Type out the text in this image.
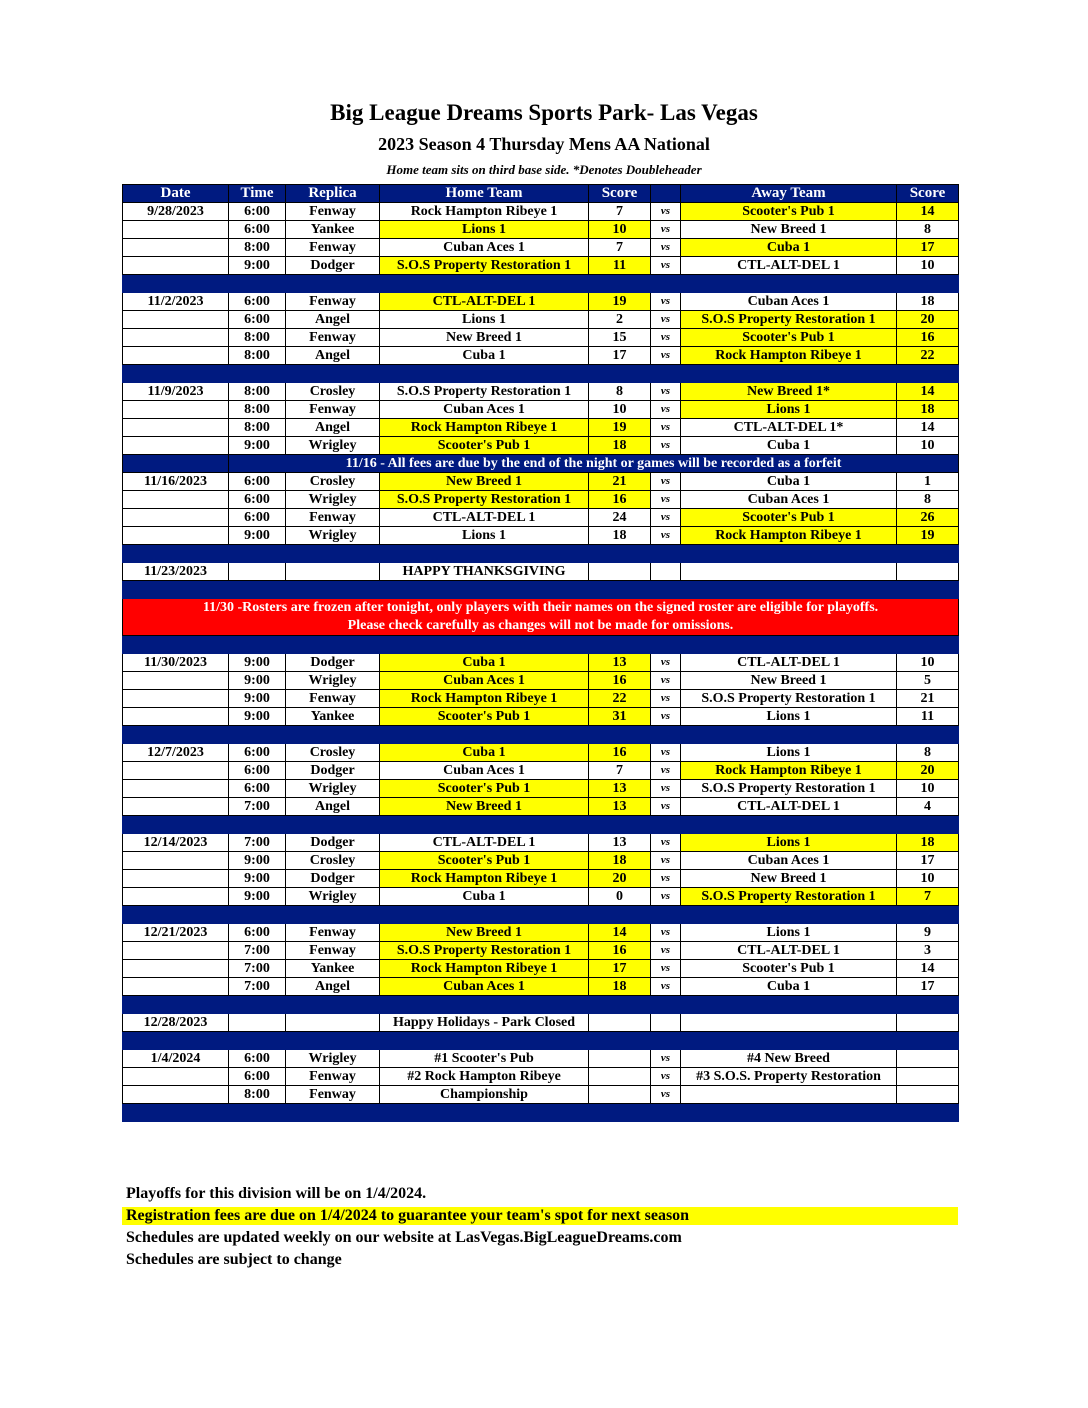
Big League Dreams Sports Park- Las Vegas
2023 Season 4 Thursday Mens AA National
Home team sits on third base side. *Denotes Doubleheader
Date	Time	Replica	Home Team	Score		Away Team	Score
9/28/2023	6:00	Fenway	Rock Hampton Ribeye 1	7	vs	Scooter's Pub 1	14
	6:00	Yankee	Lions 1	10	vs	New Breed 1	8
	8:00	Fenway	Cuban Aces 1	7	vs	Cuba 1	17
	9:00	Dodger	S.O.S Property Restoration 1	11	vs	CTL-ALT-DEL 1	10

11/2/2023	6:00	Fenway	CTL-ALT-DEL 1	19	vs	Cuban Aces 1	18
	6:00	Angel	Lions 1	2	vs	S.O.S Property Restoration 1	20
	8:00	Fenway	New Breed 1	15	vs	Scooter's Pub 1	16
	8:00	Angel	Cuba 1	17	vs	Rock Hampton Ribeye 1	22

11/9/2023	8:00	Crosley	S.O.S Property Restoration 1	8	vs	New Breed 1*	14
	8:00	Fenway	Cuban Aces 1	10	vs	Lions 1	18
	8:00	Angel	Rock Hampton Ribeye 1	19	vs	CTL-ALT-DEL 1*	14
	9:00	Wrigley	Scooter's Pub 1	18	vs	Cuba 1	10
	11/16 - All fees are due by the end of the night or games will be recorded as a forfeit						
11/16/2023	6:00	Crosley	New Breed 1	21	vs	Cuba 1	1
	6:00	Wrigley	S.O.S Property Restoration 1	16	vs	Cuban Aces 1	8
	6:00	Fenway	CTL-ALT-DEL 1	24	vs	Scooter's Pub 1	26
	9:00	Wrigley	Lions 1	18	vs	Rock Hampton Ribeye 1	19

11/23/2023			HAPPY THANKSGIVING				

11/30 -Rosters are frozen after tonight, only players with their names on the signed roster are eligible for playoffs.
Please check carefully as changes will not be made for omissions.							

11/30/2023	9:00	Dodger	Cuba 1	13	vs	CTL-ALT-DEL 1	10
	9:00	Wrigley	Cuban Aces 1	16	vs	New Breed 1	5
	9:00	Fenway	Rock Hampton Ribeye 1	22	vs	S.O.S Property Restoration 1	21
	9:00	Yankee	Scooter's Pub 1	31	vs	Lions 1	11

12/7/2023	6:00	Crosley	Cuba 1	16	vs	Lions 1	8
	6:00	Dodger	Cuban Aces 1	7	vs	Rock Hampton Ribeye 1	20
	6:00	Wrigley	Scooter's Pub 1	13	vs	S.O.S Property Restoration 1	10
	7:00	Angel	New Breed 1	13	vs	CTL-ALT-DEL 1	4

12/14/2023	7:00	Dodger	CTL-ALT-DEL 1	13	vs	Lions 1	18
	9:00	Crosley	Scooter's Pub 1	18	vs	Cuban Aces 1	17
	9:00	Dodger	Rock Hampton Ribeye 1	20	vs	New Breed 1	10
	9:00	Wrigley	Cuba 1	0	vs	S.O.S Property Restoration 1	7

12/21/2023	6:00	Fenway	New Breed 1	14	vs	Lions 1	9
	7:00	Fenway	S.O.S Property Restoration 1	16	vs	CTL-ALT-DEL 1	3
	7:00	Yankee	Rock Hampton Ribeye 1	17	vs	Scooter's Pub 1	14
	7:00	Angel	Cuban Aces 1	18	vs	Cuba 1	17

12/28/2023			Happy Holidays - Park Closed				

1/4/2024	6:00	Wrigley	#1 Scooter's Pub		vs	#4 New Breed	
	6:00	Fenway	#2 Rock Hampton Ribeye		vs	#3 S.O.S. Property Restoration	
	8:00	Fenway	Championship		vs		

Playoffs for this division will be on 1/4/2024.
Registration fees are due on 1/4/2024 to guarantee your team's spot for next season
Schedules are updated weekly on our website at LasVegas.BigLeagueDreams.com
Schedules are subject to change
